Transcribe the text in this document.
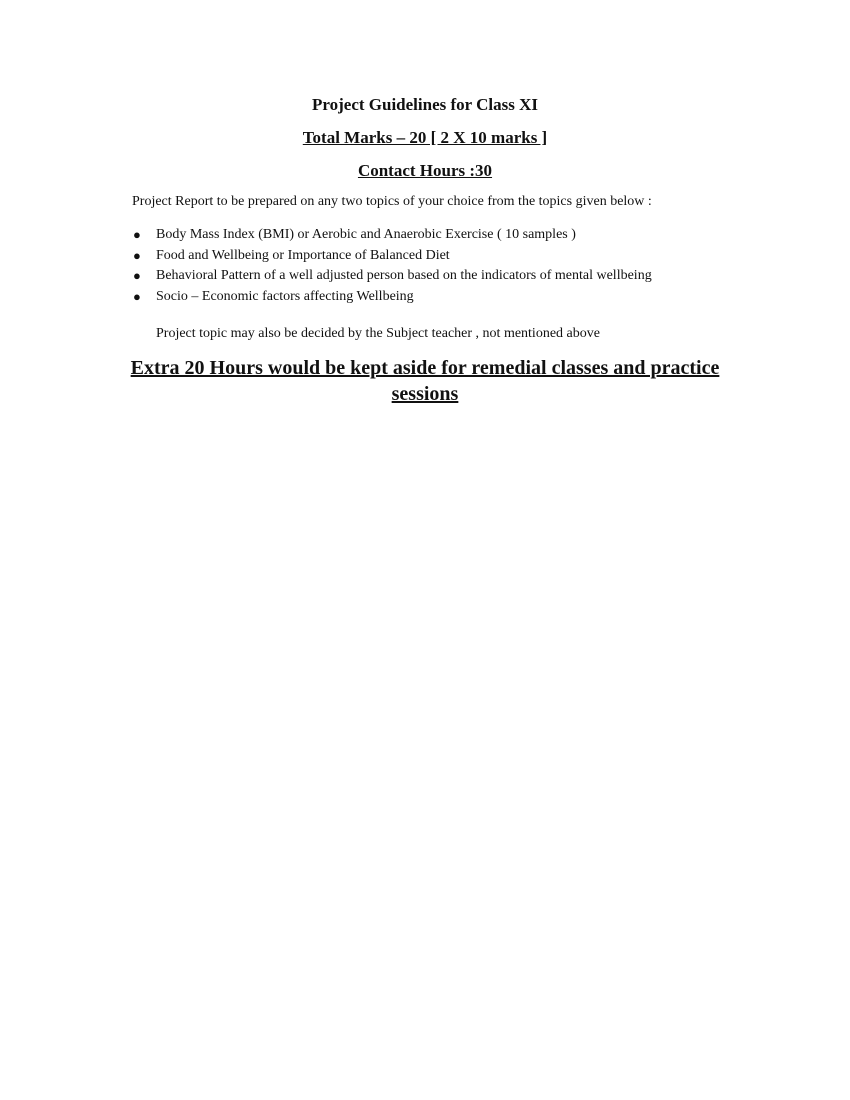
Project Guidelines for Class XI

Total Marks – 20 [ 2 X 10 marks ]

Contact Hours :30

Project Report to be prepared on any two topics of your choice from the topics given below :

● Body Mass Index (BMI) or Aerobic and Anaerobic Exercise ( 10 samples )
● Food and Wellbeing or Importance of Balanced Diet
● Behavioral Pattern of a well adjusted person based on the indicators of mental wellbeing
● Socio – Economic factors affecting Wellbeing

Project topic may also be decided by the Subject teacher , not mentioned above

Extra 20 Hours would be kept aside for remedial classes and practice sessions
